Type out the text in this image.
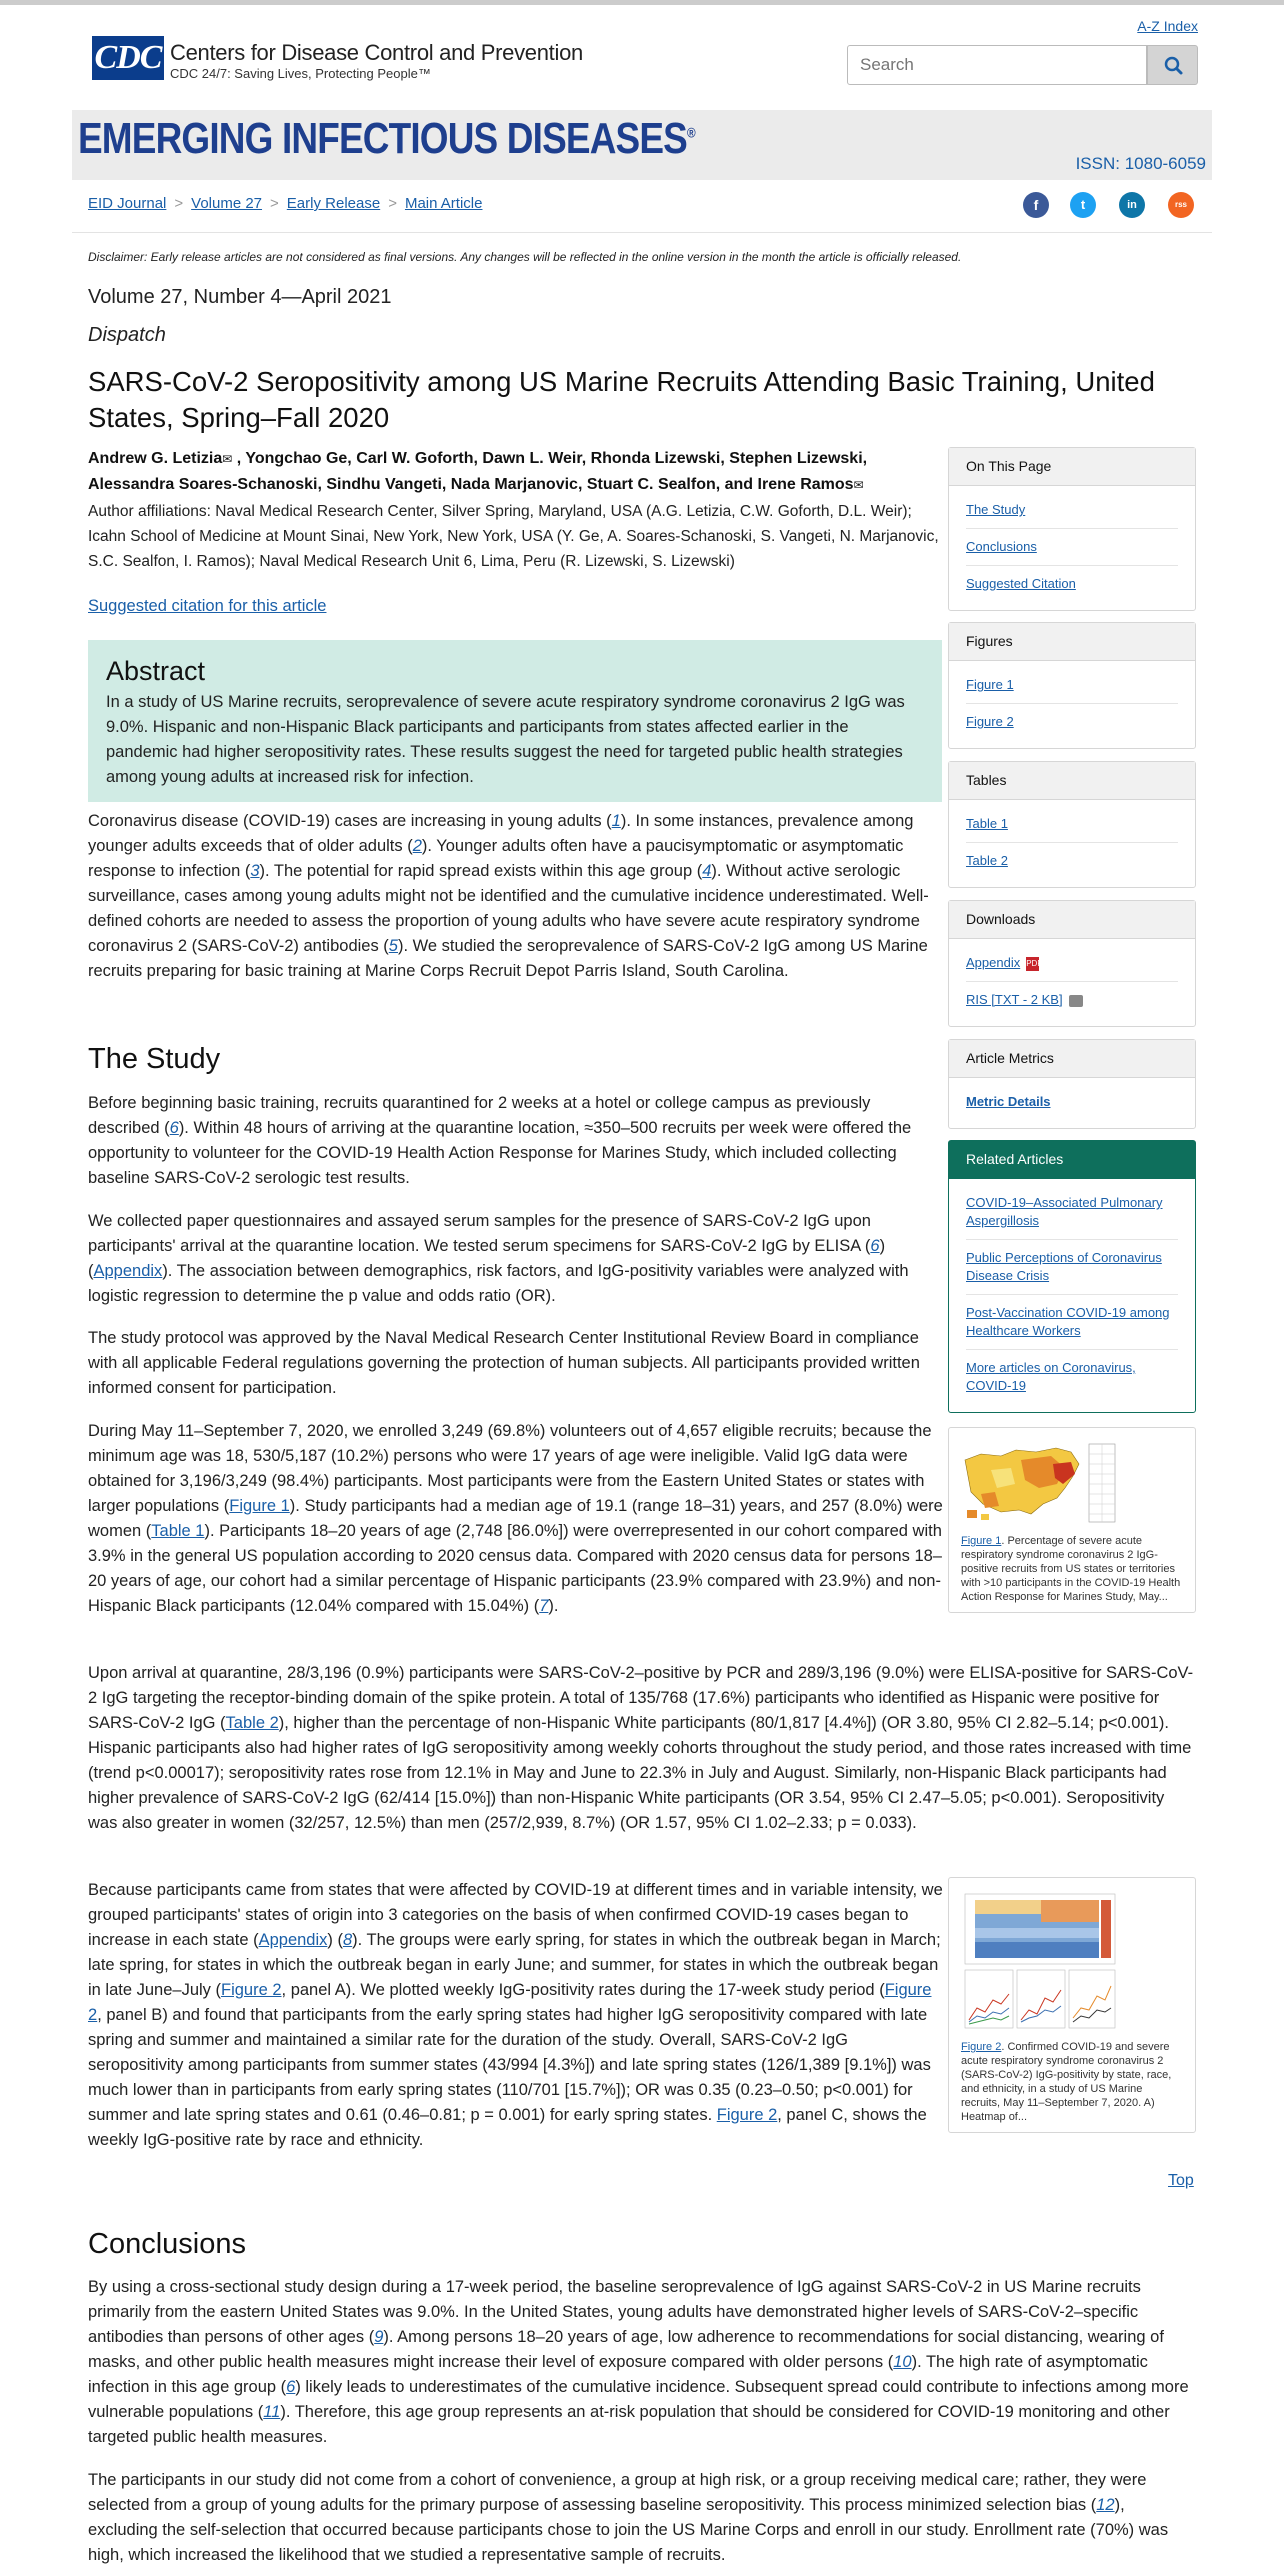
A-Z Index
CDC Centers for Disease Control and Prevention
CDC 24/7: Saving Lives, Protecting People™
Search
EMERGING INFECTIOUS DISEASES®
ISSN: 1080-6059
EID Journal > Volume 27 > Early Release > Main Article	f	t	in	rss
Disclaimer: Early release articles are not considered as final versions. Any changes will be reflected in the online version in the month the article is officially released.
Volume 27, Number 4—April 2021
Dispatch
SARS-CoV-2 Seropositivity among US Marine Recruits Attending Basic Training, United States, Spring–Fall 2020
Andrew G. Letizia✉ , Yongchao Ge, Carl W. Goforth, Dawn L. Weir, Rhonda Lizewski, Stephen Lizewski,
Alessandra Soares-Schanoski, Sindhu Vangeti, Nada Marjanovic, Stuart C. Sealfon, and Irene Ramos✉
Author affiliations: Naval Medical Research Center, Silver Spring, Maryland, USA (A.G. Letizia, C.W. Goforth, D.L. Weir); Icahn School of Medicine at Mount Sinai, New York, New York, USA (Y. Ge, A. Soares-Schanoski, S. Vangeti, N. Marjanovic, S.C. Sealfon, I. Ramos); Naval Medical Research Unit 6, Lima, Peru (R. Lizewski, S. Lizewski)
Suggested citation for this article
Abstract

In a study of US Marine recruits, seroprevalence of severe acute respiratory syndrome coronavirus 2 IgG was 9.0%. Hispanic and non-Hispanic Black participants and participants from states affected earlier in the pandemic had higher seropositivity rates. These results suggest the need for targeted public health strategies among young adults at increased risk for infection.

Coronavirus disease (COVID-19) cases are increasing in young adults (1). In some instances, prevalence among younger adults exceeds that of older adults (2). Younger adults often have a paucisymptomatic or asymptomatic response to infection (3). The potential for rapid spread exists within this age group (4). Without active serologic surveillance, cases among young adults might not be identified and the cumulative incidence underestimated. Well-defined cohorts are needed to assess the proportion of young adults who have severe acute respiratory syndrome coronavirus 2 (SARS-CoV-2) antibodies (5). We studied the seroprevalence of SARS-CoV-2 IgG among US Marine recruits preparing for basic training at Marine Corps Recruit Depot Parris Island, South Carolina.
The Study
Before beginning basic training, recruits quarantined for 2 weeks at a hotel or college campus as previously described (6). Within 48 hours of arriving at the quarantine location, ≈350–500 recruits per week were offered the opportunity to volunteer for the COVID-19 Health Action Response for Marines Study, which included collecting baseline SARS-CoV-2 serologic test results.
We collected paper questionnaires and assayed serum samples for the presence of SARS-CoV-2 IgG upon participants' arrival at the quarantine location. We tested serum specimens for SARS-CoV-2 IgG by ELISA (6) (Appendix). The association between demographics, risk factors, and IgG-positivity variables were analyzed with logistic regression to determine the p value and odds ratio (OR).
The study protocol was approved by the Naval Medical Research Center Institutional Review Board in compliance with all applicable Federal regulations governing the protection of human subjects. All participants provided written informed consent for participation.
During May 11–September 7, 2020, we enrolled 3,249 (69.8%) volunteers out of 4,657 eligible recruits; because the minimum age was 18, 530/5,187 (10.2%) persons who were 17 years of age were ineligible. Valid IgG data were obtained for 3,196/3,249 (98.4%) participants. Most participants were from the Eastern United States or states with larger populations (Figure 1). Study participants had a median age of 19.1 (range 18–31) years, and 257 (8.0%) were women (Table 1). Participants 18–20 years of age (2,748 [86.0%]) were overrepresented in our cohort compared with 3.9% in the general US population according to 2020 census data. Compared with 2020 census data for persons 18–20 years of age, our cohort had a similar percentage of Hispanic participants (23.9% compared with 23.9%) and non-Hispanic Black participants (12.04% compared with 15.04%) (7).
Upon arrival at quarantine, 28/3,196 (0.9%) participants were SARS-CoV-2–positive by PCR and 289/3,196 (9.0%) were ELISA-positive for SARS-CoV-2 IgG targeting the receptor-binding domain of the spike protein. A total of 135/768 (17.6%) participants who identified as Hispanic were positive for SARS-CoV-2 IgG (Table 2), higher than the percentage of non-Hispanic White participants (80/1,817 [4.4%]) (OR 3.80, 95% CI 2.82–5.14; p<0.001). Hispanic participants also had higher rates of IgG seropositivity among weekly cohorts throughout the study period, and those rates increased with time (trend p<0.00017); seropositivity rates rose from 12.1% in May and June to 22.3% in July and August. Similarly, non-Hispanic Black participants had higher prevalence of SARS-CoV-2 IgG (62/414 [15.0%]) than non-Hispanic White participants (OR 3.54, 95% CI 2.47–5.05; p<0.001). Seropositivity was also greater in women (32/257, 12.5%) than men (257/2,939, 8.7%) (OR 1.57, 95% CI 1.02–2.33; p = 0.033).
Because participants came from states that were affected by COVID-19 at different times and in variable intensity, we grouped participants' states of origin into 3 categories on the basis of when confirmed COVID-19 cases began to increase in each state (Appendix) (8). The groups were early spring, for states in which the outbreak began in March; late spring, for states in which the outbreak began in early June; and summer, for states in which the outbreak began in late June–July (Figure 2, panel A). We plotted weekly IgG-positivity rates during the 17-week study period (Figure 2, panel B) and found that participants from the early spring states had higher IgG seropositivity compared with late spring and summer and maintained a similar rate for the duration of the study. Overall, SARS-CoV-2 IgG seropositivity among participants from summer states (43/994 [4.3%]) and late spring states (126/1,389 [9.1%]) was much lower than in participants from early spring states (110/701 [15.7%]); OR was 0.35 (0.23–0.50; p<0.001) for summer and late spring states and 0.61 (0.46–0.81; p = 0.001) for early spring states. Figure 2, panel C, shows the weekly IgG-positive rate by race and ethnicity.
Top
Conclusions
By using a cross-sectional study design during a 17-week period, the baseline seroprevalence of IgG against SARS-CoV-2 in US Marine recruits primarily from the eastern United States was 9.0%. In the United States, young adults have demonstrated higher levels of SARS-CoV-2–specific antibodies than persons of other ages (9). Among persons 18–20 years of age, low adherence to recommendations for social distancing, wearing of masks, and other public health measures might increase their level of exposure compared with older persons (10). The high rate of asymptomatic infection in this age group (6) likely leads to underestimates of the cumulative incidence. Subsequent spread could contribute to infections among more vulnerable populations (11). Therefore, this age group represents an at-risk population that should be considered for COVID-19 monitoring and other targeted public health measures.
The participants in our study did not come from a cohort of convenience, a group at high risk, or a group receiving medical care; rather, they were selected from a group of young adults for the primary purpose of assessing baseline seropositivity. This process minimized selection bias (12), excluding the self-selection that occurred because participants chose to join the US Marine Corps and enroll in our study. Enrollment rate (70%) was high, which increased the likelihood that we studied a representative sample of recruits.
On This Page
The Study
Conclusions
Suggested Citation
Figures
Figure 1
Figure 2
Tables
Table 1
Table 2
Downloads
Appendix PDF
RIS [TXT - 2 KB]
Article Metrics
Metric Details
Related Articles
COVID-19–Associated Pulmonary Aspergillosis
Public Perceptions of Coronavirus Disease Crisis
Post-Vaccination COVID-19 among Healthcare Workers
More articles on Coronavirus, COVID-19
Figure 1. Percentage of severe acute respiratory syndrome coronavirus 2 IgG-positive recruits from US states or territories with >10 participants in the COVID-19 Health Action Response for Marines Study, May...
Figure 2. Confirmed COVID-19 and severe acute respiratory syndrome coronavirus 2 (SARS-CoV-2) IgG-positivity by state, race, and ethnicity, in a study of US Marine recruits, May 11–September 7, 2020. A) Heatmap of...
